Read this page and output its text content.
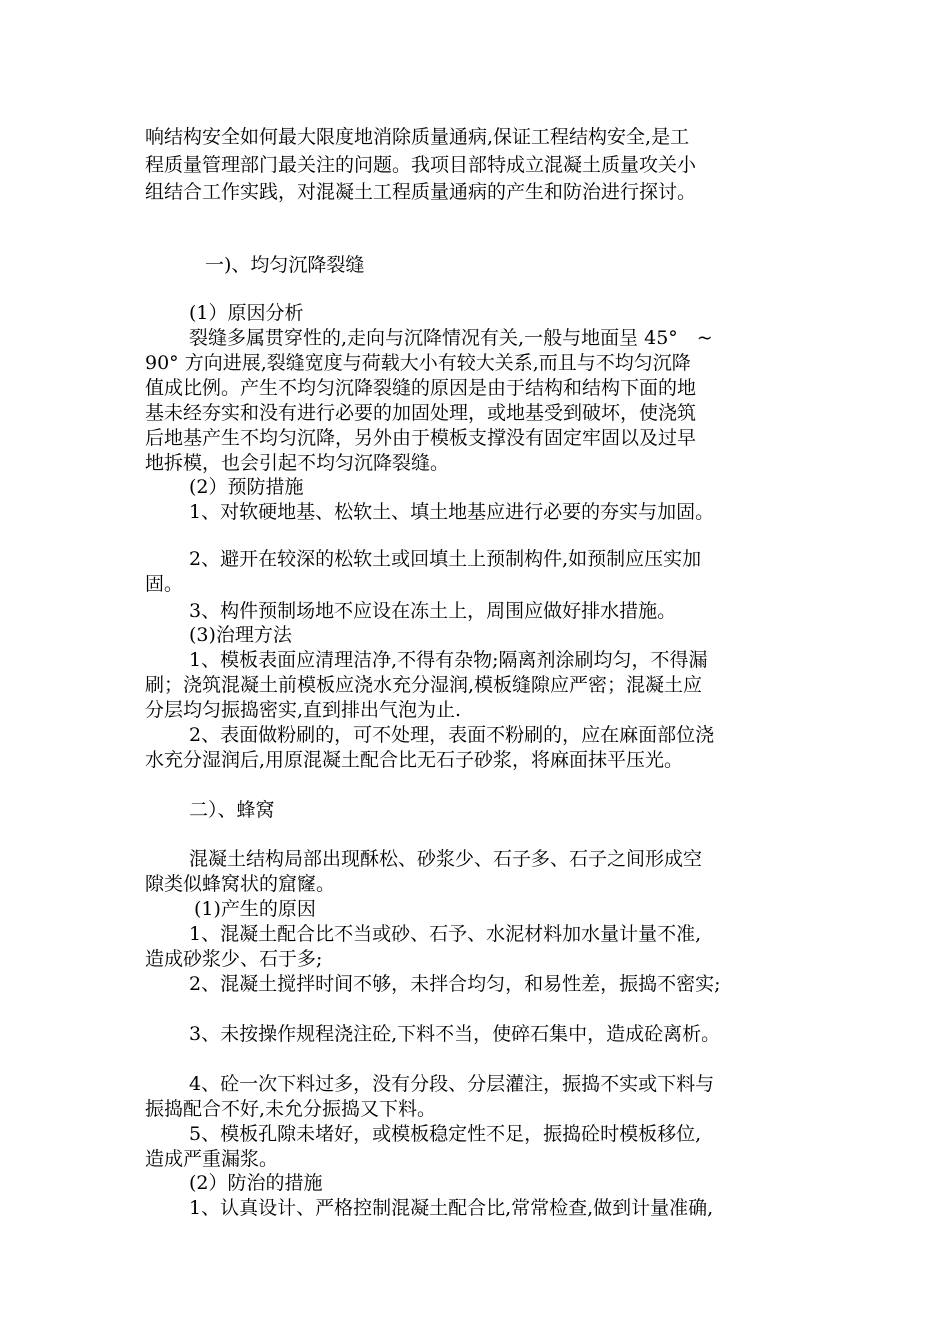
响结构安全如何最大限度地消除质量通病,保证工程结构安全,是工
程质量管理部门最关注的问题。我项目部特成立混凝土质量攻关小
组结合工作实践，对混凝土工程质量通病的产生和防治进行探讨。
一)、均匀沉降裂缝
(1）原因分析
裂缝多属贯穿性的,走向与沉降情况有关,一般与地面呈 45°　~
90° 方向进展,裂缝宽度与荷载大小有较大关系,而且与不均匀沉降
值成比例。产生不均匀沉降裂缝的原因是由于结构和结构下面的地
基未经夯实和没有进行必要的加固处理，或地基受到破坏，使浇筑
后地基产生不均匀沉降，另外由于模板支撑没有固定牢固以及过早
地拆模，也会引起不均匀沉降裂缝。
(2）预防措施
1、对软硬地基、松软土、填土地基应进行必要的夯实与加固。
2、避开在较深的松软土或回填土上预制构件,如预制应压实加
固。
3、构件预制场地不应设在冻土上，周围应做好排水措施。
(3)治理方法
1、模板表面应清理洁净,不得有杂物;隔离剂涂刷均匀，不得漏
刷；浇筑混凝土前模板应浇水充分湿润,模板缝隙应严密；混凝土应
分层均匀振捣密实,直到排出气泡为止.
2、表面做粉刷的，可不处理，表面不粉刷的，应在麻面部位浇
水充分湿润后,用原混凝土配合比无石子砂浆，将麻面抹平压光。
二）、蜂窝
混凝土结构局部出现酥松、砂浆少、石子多、石子之间形成空
隙类似蜂窝状的窟窿。
(1)产生的原因
1、混凝土配合比不当或砂、石予、水泥材料加水量计量不准,
造成砂浆少、石于多;
2、混凝土搅拌时间不够，未拌合均匀，和易性差，振捣不密实;
3、未按操作规程浇注砼,下料不当，使碎石集中，造成砼离析。
4、砼一次下料过多，没有分段、分层灌注，振捣不实或下料与
振捣配合不好,未允分振捣又下料。
5、模板孔隙未堵好，或模板稳定性不足，振捣砼时模板移位,
造成严重漏浆。
(2）防治的措施
1、认真设计、严格控制混凝土配合比,常常检查,做到计量准确,
